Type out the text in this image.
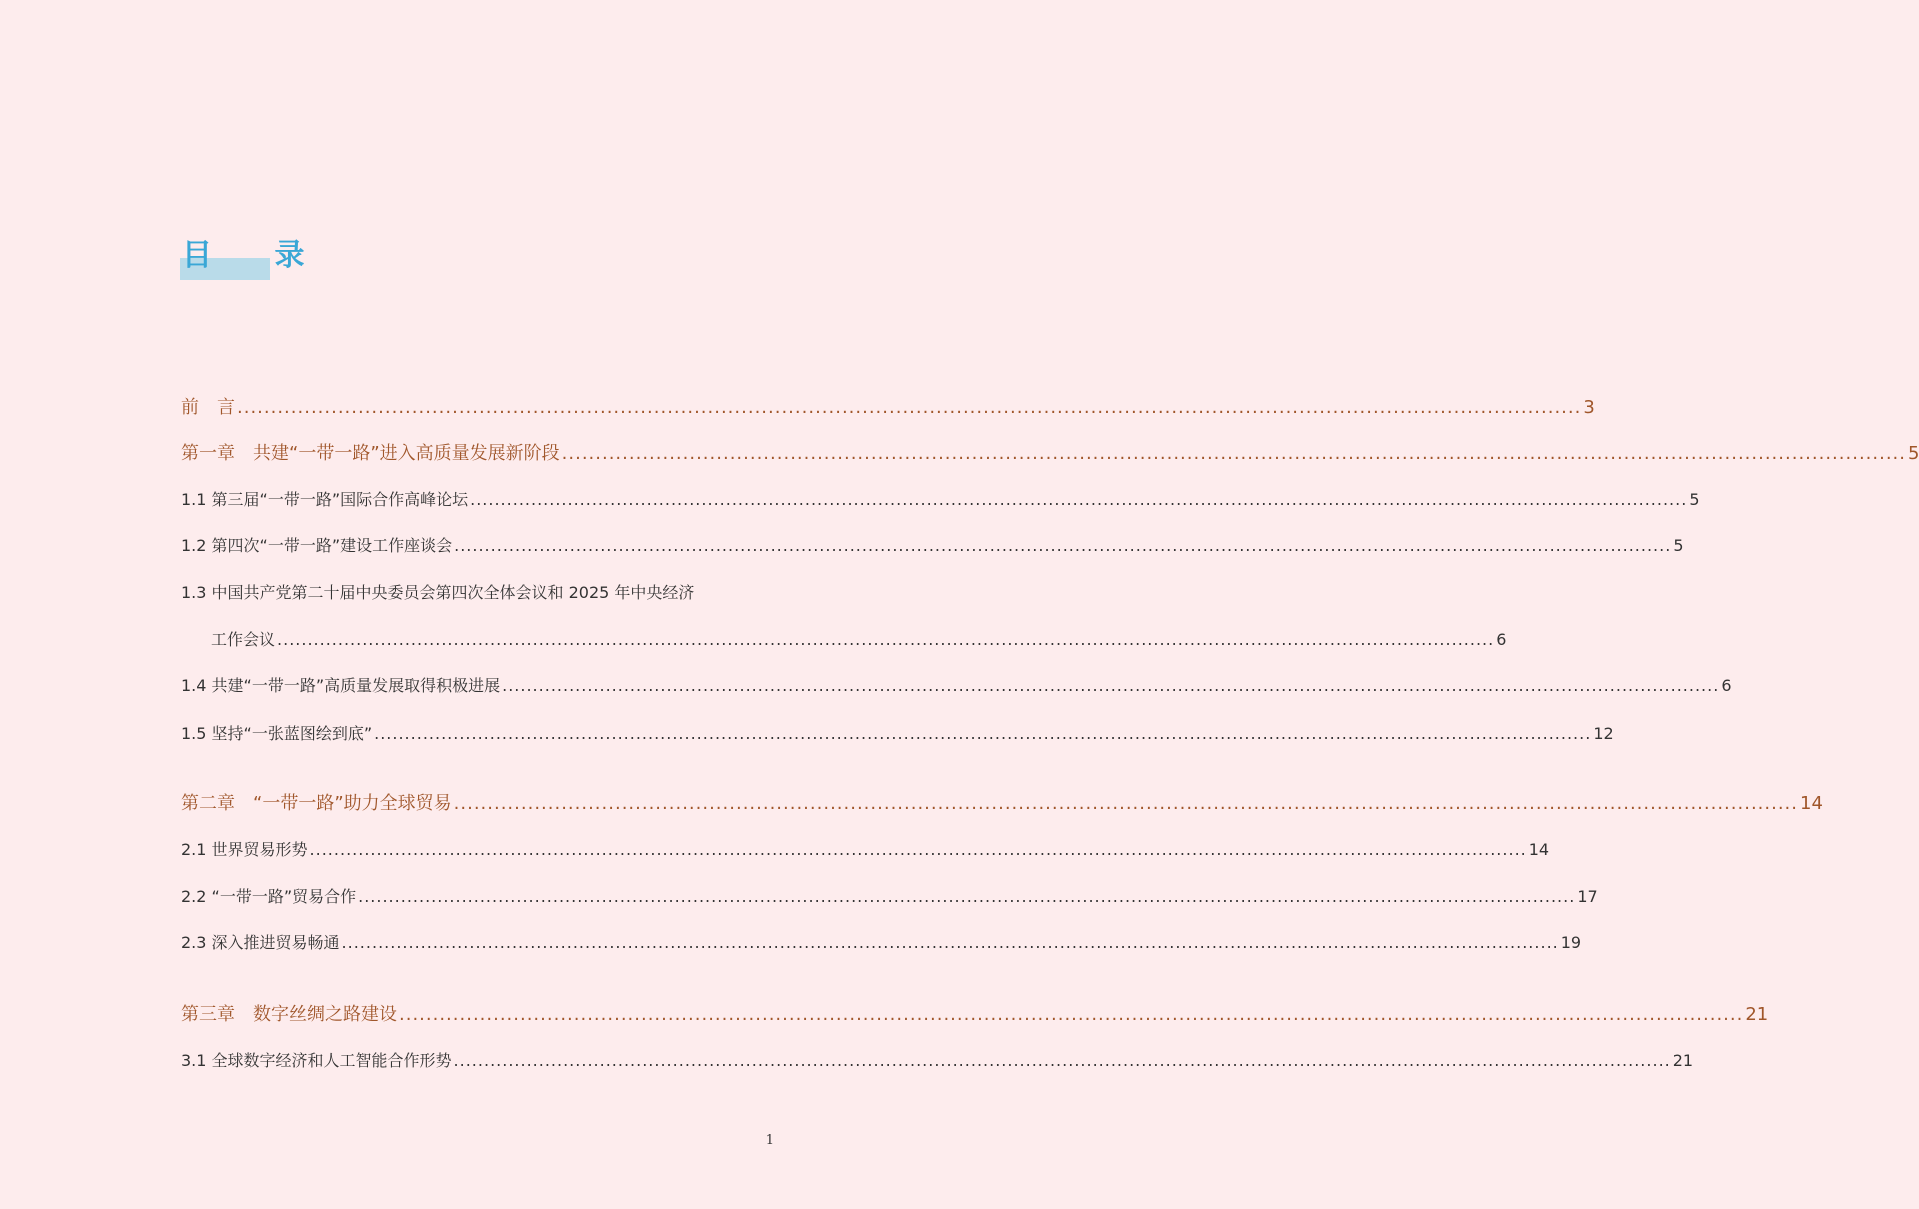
目 录
前　言 ........................................................................................................................................................................................................ 3
第一章　共建“一带一路”进入高质量发展新阶段 ........................................................................................................................................................................................................ 5
1.1 第三届“一带一路”国际合作高峰论坛 ........................................................................................................................................................................................................ 5
1.2 第四次“一带一路”建设工作座谈会 ........................................................................................................................................................................................................ 5
1.3 中国共产党第二十届中央委员会第四次全体会议和 2025 年中央经济
工作会议 ........................................................................................................................................................................................................ 6
1.4 共建“一带一路”高质量发展取得积极进展 ........................................................................................................................................................................................................ 6
1.5 坚持“一张蓝图绘到底” ........................................................................................................................................................................................................ 12
第二章　“一带一路”助力全球贸易 ........................................................................................................................................................................................................ 14
2.1 世界贸易形势 ........................................................................................................................................................................................................ 14
2.2 “一带一路”贸易合作 ........................................................................................................................................................................................................ 17
2.3 深入推进贸易畅通 ........................................................................................................................................................................................................ 19
第三章　数字丝绸之路建设 ........................................................................................................................................................................................................ 21
3.1 全球数字经济和人工智能合作形势 ........................................................................................................................................................................................................ 21
1
